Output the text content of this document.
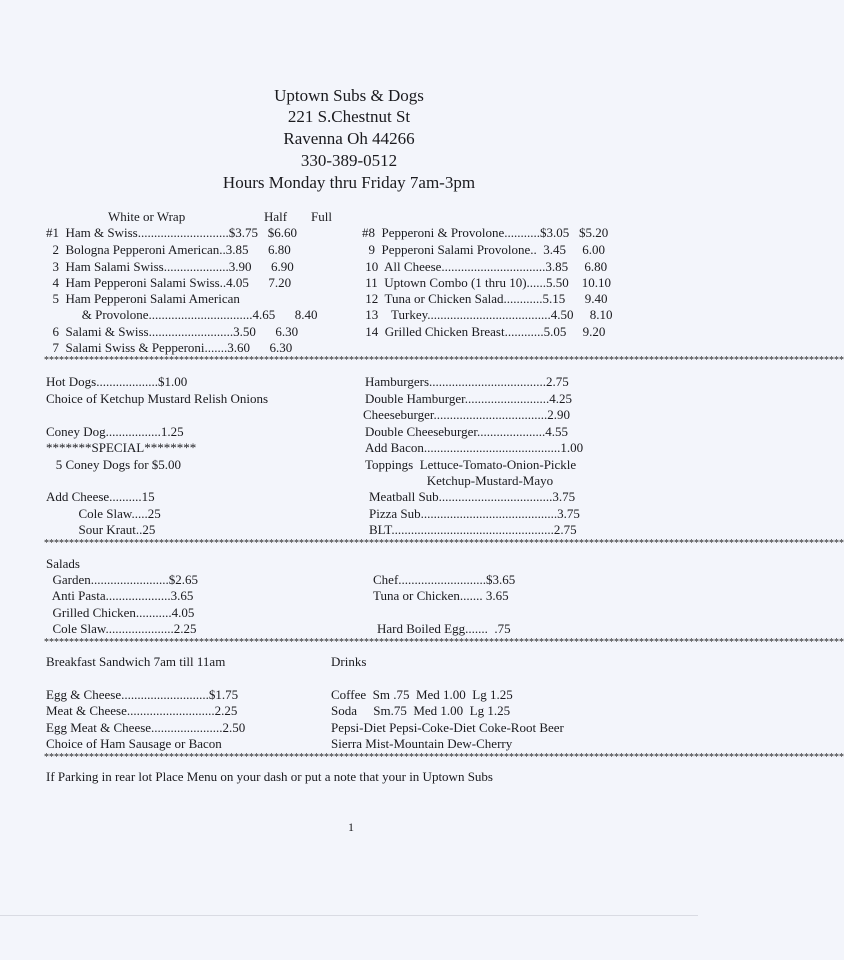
Uptown Subs & Dogs
221 S.Chestnut St
Ravenna Oh 44266
330-389-0512
Hours Monday thru Friday 7am-3pm
White or Wrap	Half Full
#1  Ham & Swiss............................$3.75   $6.60
2  Bologna Pepperoni American..3.85      6.80
3  Ham Salami Swiss....................3.90      6.90
4  Ham Pepperoni Salami Swiss..4.05      7.20
5  Ham Pepperoni Salami American
& Provolone................................4.65      8.40
6  Salami & Swiss..........................3.50      6.30
7  Salami Swiss & Pepperoni.......3.60      6.30
#8  Pepperoni & Provolone...........$3.05   $5.20
9  Pepperoni Salami Provolone..  3.45     6.00
10  All Cheese................................3.85     6.80
11  Uptown Combo (1 thru 10)......5.50    10.10
12  Tuna or Chicken Salad............5.15      9.40
13    Turkey......................................4.50     8.10
14  Grilled Chicken Breast............5.05     9.20
****************************************************************************************************************************************************************
Hot Dogs...................$1.00
Choice of Ketchup Mustard Relish Onions
Coney Dog.................1.25
*******SPECIAL********
5 Coney Dogs for $5.00
Add Cheese..........15
Cole Slaw.....25
Sour Kraut..25
Hamburgers....................................2.75
Double Hamburger..........................4.25
Cheeseburger...................................2.90
Double Cheeseburger.....................4.55
Add Bacon..........................................1.00
Toppings  Lettuce-Tomato-Onion-Pickle
Ketchup-Mustard-Mayo
Meatball Sub...................................3.75
Pizza Sub..........................................3.75
BLT..................................................2.75
****************************************************************************************************************************************************************
Salads
Garden........................$2.65
Anti Pasta....................3.65
Grilled Chicken...........4.05
Cole Slaw.....................2.25
Chef...........................$3.65
Tuna or Chicken....... 3.65
Hard Boiled Egg.......  .75
****************************************************************************************************************************************************************
Breakfast Sandwich 7am till 11am	Drinks
Egg & Cheese...........................$1.75
Meat & Cheese...........................2.25
Egg Meat & Cheese......................2.50
Choice of Ham Sausage or Bacon
Coffee  Sm .75  Med 1.00  Lg 1.25
Soda     Sm.75  Med 1.00  Lg 1.25
Pepsi-Diet Pepsi-Coke-Diet Coke-Root Beer
Sierra Mist-Mountain Dew-Cherry
****************************************************************************************************************************************************************
If Parking in rear lot Place Menu on your dash or put a note that your in Uptown Subs
1
